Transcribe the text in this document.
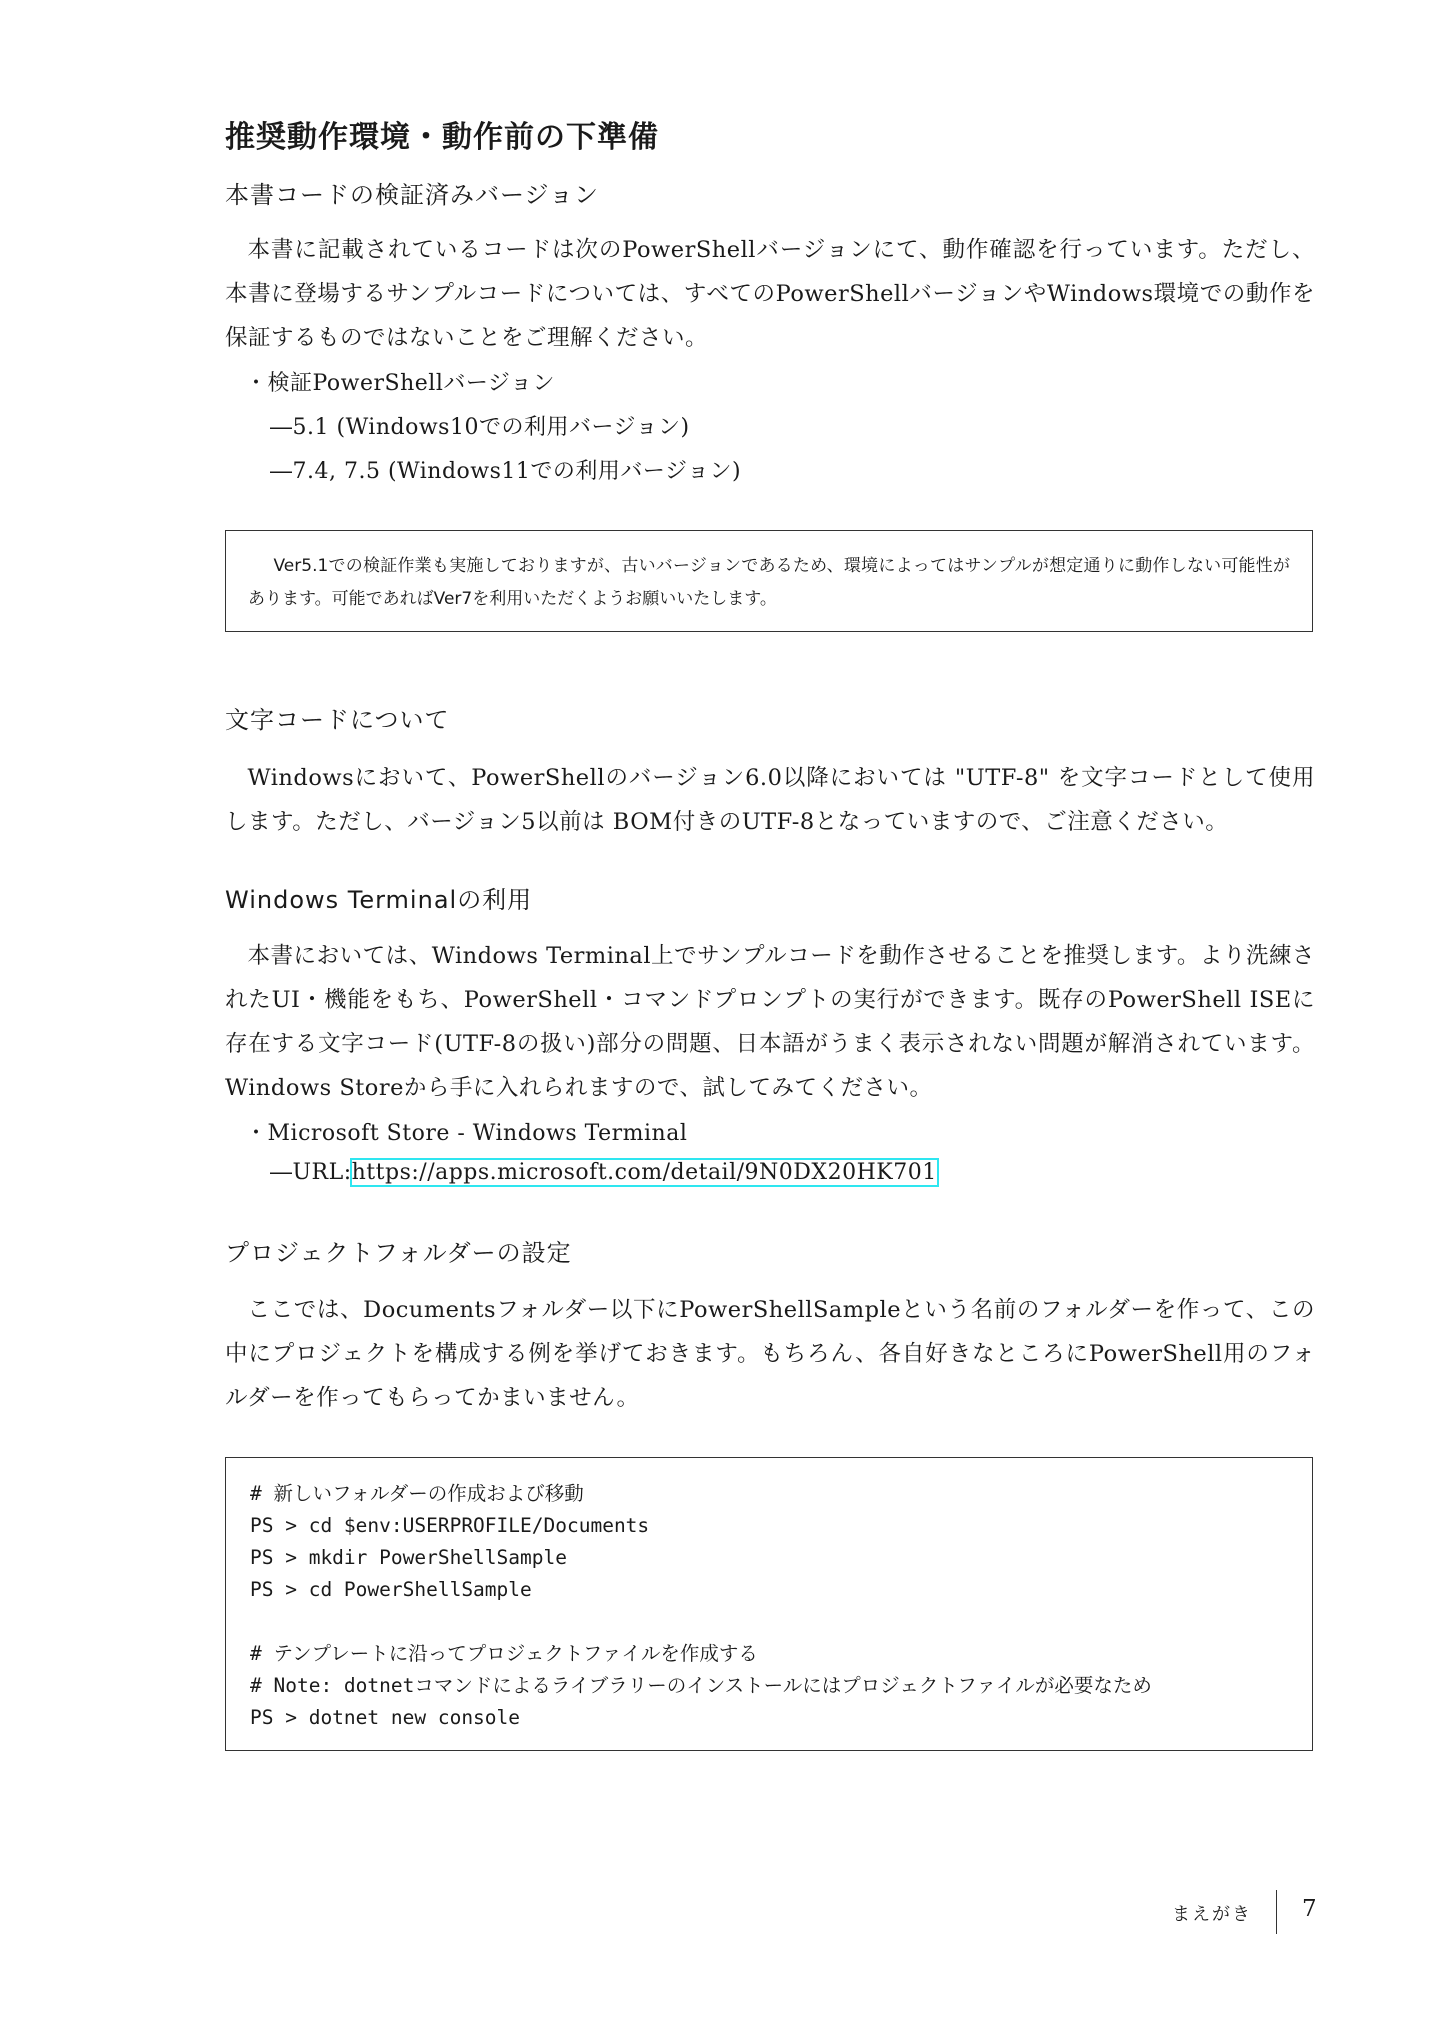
推奨動作環境・動作前の下準備
本書コードの検証済みバージョン

本書に記載されているコードは次のPowerShellバージョンにて、動作確認を行っています。ただし、本書に登場するサンプルコードについては、すべてのPowerShellバージョンやWindows環境での動作を保証するものではないことをご理解ください。

・検証PowerShellバージョン
―5.1 (Windows10での利用バージョン)
―7.4, 7.5 (Windows11での利用バージョン)
Ver5.1での検証作業も実施しておりますが、古いバージョンであるため、環境によってはサンプルが想定通りに動作しない可能性があります。可能であればVer7を利用いただくようお願いいたします。
文字コードについて

Windowsにおいて、PowerShellのバージョン6.0以降においては "UTF-8" を文字コードとして使用します。ただし、バージョン5以前は BOM付きのUTF-8となっていますので、ご注意ください。

Windows Terminalの利用

本書においては、Windows Terminal上でサンプルコードを動作させることを推奨します。より洗練されたUI・機能をもち、PowerShell・コマンドプロンプトの実行ができます。既存のPowerShell ISEに存在する文字コード(UTF-8の扱い)部分の問題、日本語がうまく表示されない問題が解消されています。Windows Storeから手に入れられますので、試してみてください。

・Microsoft Store - Windows Terminal
―URL:https://apps.microsoft.com/detail/9N0DX20HK701
プロジェクトフォルダーの設定

ここでは、Documentsフォルダー以下にPowerShellSampleという名前のフォルダーを作って、この中にプロジェクトを構成する例を挙げておきます。もちろん、各自好きなところにPowerShell用のフォルダーを作ってもらってかまいません。

# 新しいフォルダーの作成および移動
PS > cd $env:USERPROFILE/Documents
PS > mkdir PowerShellSample
PS > cd PowerShellSample
# テンプレートに沿ってプロジェクトファイルを作成する
# Note: dotnetコマンドによるライブラリーのインストールにはプロジェクトファイルが必要なため
PS > dotnet new console
まえがき 7
